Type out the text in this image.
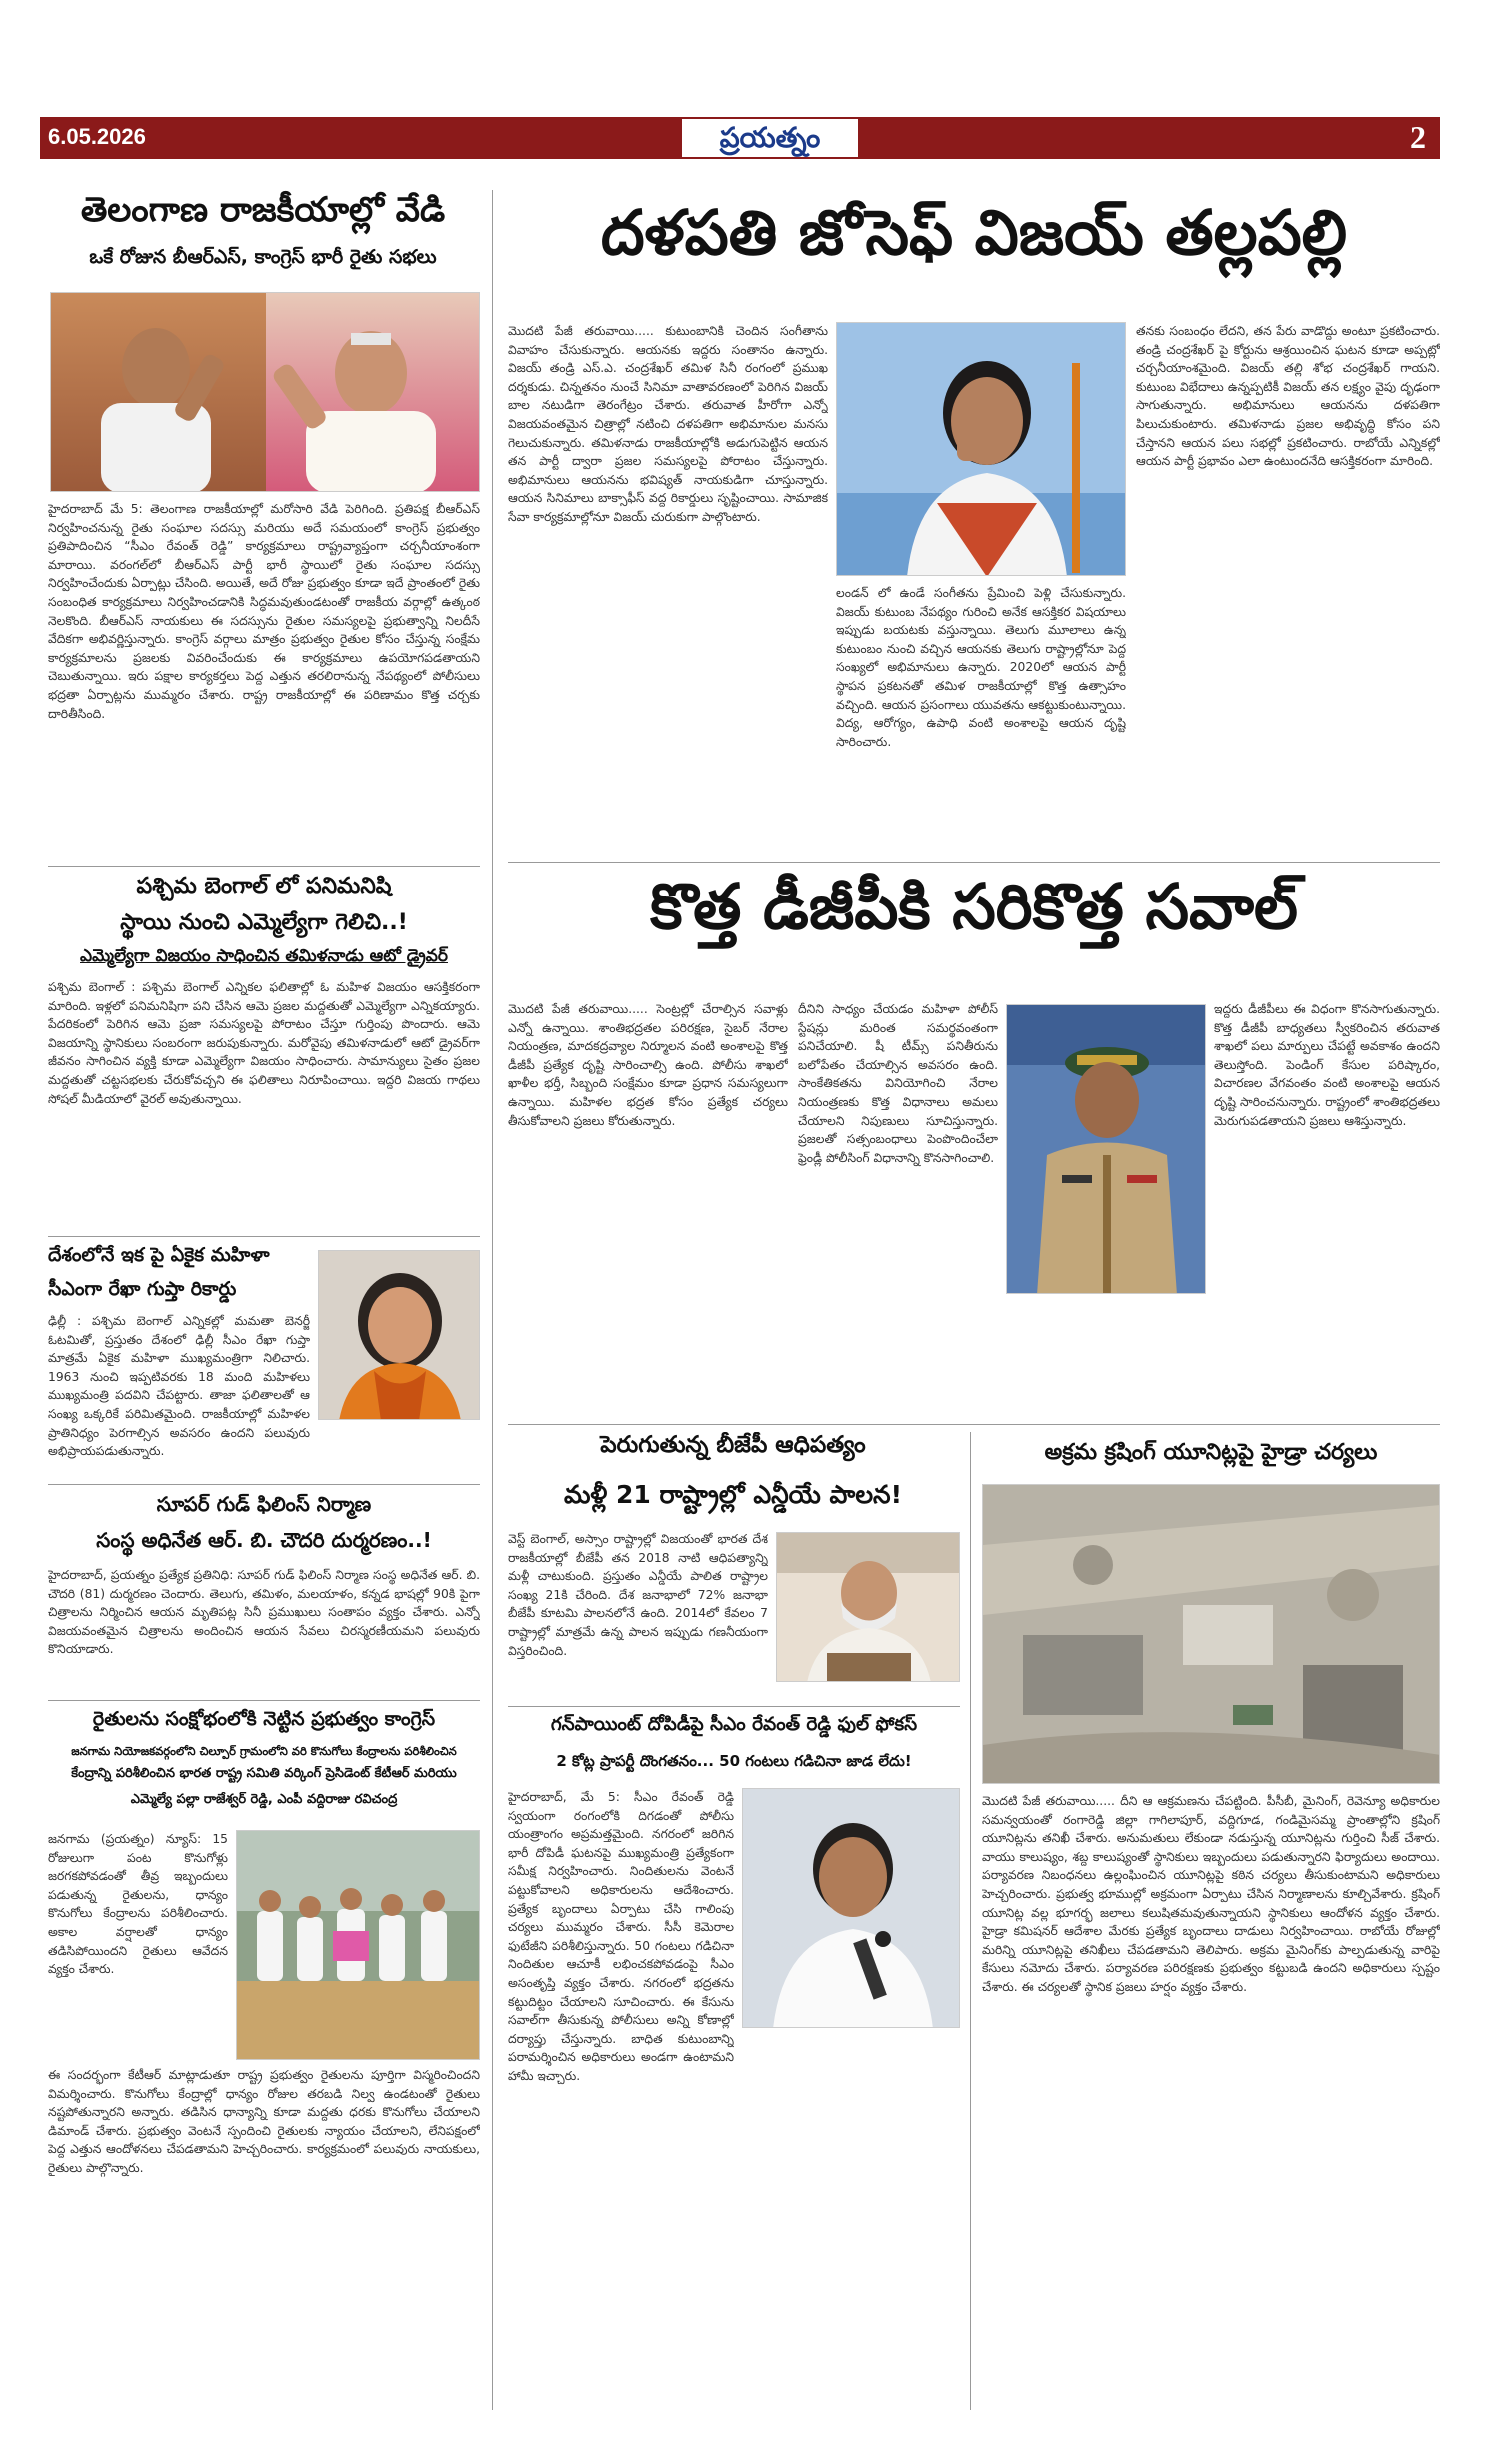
6.05.2026	ప్రయత్నం	2
తెలంగాణ రాజకీయాల్లో వేడి
ఒకే రోజున బీఆర్ఎస్, కాంగ్రెస్ భారీ రైతు సభలు
హైదరాబాద్ మే 5: తెలంగాణ రాజకీయాల్లో మరోసారి వేడి పెరిగింది. ప్రతిపక్ష బీఆర్ఎస్ నిర్వహించనున్న రైతు సంఘాల సదస్సు మరియు అదే సమయంలో కాంగ్రెస్ ప్రభుత్వం ప్రతిపాదించిన “సీఎం రేవంత్ రెడ్డి” కార్యక్రమాలు రాష్ట్రవ్యాప్తంగా చర్చనీయాంశంగా మారాయి. వరంగల్‌లో బీఆర్ఎస్ పార్టీ భారీ స్థాయిలో రైతు సంఘాల సదస్సు నిర్వహించేందుకు ఏర్పాట్లు చేసింది. అయితే, అదే రోజు ప్రభుత్వం కూడా ఇదే ప్రాంతంలో రైతు సంబంధిత కార్యక్రమాలు నిర్వహించడానికి సిద్ధమవుతుండటంతో రాజకీయ వర్గాల్లో ఉత్కంఠ నెలకొంది. బీఆర్ఎస్ నాయకులు ఈ సదస్సును రైతుల సమస్యలపై ప్రభుత్వాన్ని నిలదీసే వేదికగా అభివర్ణిస్తున్నారు. కాంగ్రెస్ వర్గాలు మాత్రం ప్రభుత్వం రైతుల కోసం చేస్తున్న సంక్షేమ కార్యక్రమాలను ప్రజలకు వివరించేందుకు ఈ కార్యక్రమాలు ఉపయోగపడతాయని చెబుతున్నాయి. ఇరు పక్షాల కార్యకర్తలు పెద్ద ఎత్తున తరలిరానున్న నేపథ్యంలో పోలీసులు భద్రతా ఏర్పాట్లను ముమ్మరం చేశారు. రాష్ట్ర రాజకీయాల్లో ఈ పరిణామం కొత్త చర్చకు దారితీసింది.
పశ్చిమ బెంగాల్ లో పనిమనిషి
స్థాయి నుంచి ఎమ్మెల్యేగా గెలిచి..!
ఎమ్మెల్యేగా విజయం సాధించిన తమిళనాడు ఆటో డ్రైవర్
పశ్చిమ బెంగాల్ : పశ్చిమ బెంగాల్ ఎన్నికల ఫలితాల్లో ఓ మహిళ విజయం ఆసక్తికరంగా మారింది. ఇళ్లలో పనిమనిషిగా పని చేసిన ఆమె ప్రజల మద్దతుతో ఎమ్మెల్యేగా ఎన్నికయ్యారు. పేదరికంలో పెరిగిన ఆమె ప్రజా సమస్యలపై పోరాటం చేస్తూ గుర్తింపు పొందారు. ఆమె విజయాన్ని స్థానికులు సంబరంగా జరుపుకున్నారు. మరోవైపు తమిళనాడులో ఆటో డ్రైవర్‌గా జీవనం సాగించిన వ్యక్తి కూడా ఎమ్మెల్యేగా విజయం సాధించారు. సామాన్యులు సైతం ప్రజల మద్దతుతో చట్టసభలకు చేరుకోవచ్చని ఈ ఫలితాలు నిరూపించాయి. ఇద్దరి విజయ గాథలు సోషల్ మీడియాలో వైరల్ అవుతున్నాయి.
దేశంలోనే ఇక పై ఏకైక మహిళా
సీఎంగా రేఖా గుప్తా రికార్డు
ఢిల్లీ : పశ్చిమ బెంగాల్ ఎన్నికల్లో మమతా బెనర్జీ ఓటమితో, ప్రస్తుతం దేశంలో ఢిల్లీ సీఎం రేఖా గుప్తా మాత్రమే ఏకైక మహిళా ముఖ్యమంత్రిగా నిలిచారు. 1963 నుంచి ఇప్పటివరకు 18 మంది మహిళలు ముఖ్యమంత్రి పదవిని చేపట్టారు. తాజా ఫలితాలతో ఆ సంఖ్య ఒక్కరికే పరిమితమైంది. రాజకీయాల్లో మహిళల ప్రాతినిధ్యం పెరగాల్సిన అవసరం ఉందని పలువురు అభిప్రాయపడుతున్నారు.
సూపర్ గుడ్ ఫిలింస్ నిర్మాణ
సంస్థ అధినేత ఆర్. బి. చౌదరి దుర్మరణం..!
హైదరాబాద్, ప్రయత్నం ప్రత్యేక ప్రతినిధి: సూపర్ గుడ్ ఫిలింస్ నిర్మాణ సంస్థ అధినేత ఆర్. బి. చౌదరి (81) దుర్మరణం చెందారు. తెలుగు, తమిళం, మలయాళం, కన్నడ భాషల్లో 90కి పైగా చిత్రాలను నిర్మించిన ఆయన మృతిపట్ల సినీ ప్రముఖులు సంతాపం వ్యక్తం చేశారు. ఎన్నో విజయవంతమైన చిత్రాలను అందించిన ఆయన సేవలు చిరస్మరణీయమని పలువురు కొనియాడారు.
రైతులను సంక్షోభంలోకి నెట్టిన ప్రభుత్వం కాంగ్రెస్
జనగామ నియోజకవర్గంలోని చిల్పూర్ గ్రామంలోని వరి కొనుగోలు కేంద్రాలను పరిశీలించిన
కేంద్రాన్ని పరిశీలించిన భారత రాష్ట్ర సమితి వర్కింగ్ ప్రెసిడెంట్ కేటీఆర్ మరియు
ఎమ్మెల్యే పల్లా రాజేశ్వర్ రెడ్డి, ఎంపీ వద్దిరాజు రవిచంద్ర
జనగామ (ప్రయత్నం) న్యూస్: 15 రోజులుగా పంట కొనుగోళ్లు జరగకపోవడంతో తీవ్ర ఇబ్బందులు పడుతున్న రైతులను, ధాన్యం కొనుగోలు కేంద్రాలను పరిశీలించారు. అకాల వర్షాలతో ధాన్యం తడిసిపోయిందని రైతులు ఆవేదన వ్యక్తం చేశారు.
ఈ సందర్భంగా కేటీఆర్ మాట్లాడుతూ రాష్ట్ర ప్రభుత్వం రైతులను పూర్తిగా విస్మరించిందని విమర్శించారు. కొనుగోలు కేంద్రాల్లో ధాన్యం రోజుల తరబడి నిల్వ ఉండటంతో రైతులు నష్టపోతున్నారని అన్నారు. తడిసిన ధాన్యాన్ని కూడా మద్దతు ధరకు కొనుగోలు చేయాలని డిమాండ్ చేశారు. ప్రభుత్వం వెంటనే స్పందించి రైతులకు న్యాయం చేయాలని, లేనిపక్షంలో పెద్ద ఎత్తున ఆందోళనలు చేపడతామని హెచ్చరించారు. కార్యక్రమంలో పలువురు నాయకులు, రైతులు పాల్గొన్నారు.
దళపతి జోసెఫ్ విజయ్ తల్లపల్లి
మొదటి పేజీ తరువాయి..... కుటుంబానికి చెందిన సంగీతాను వివాహం చేసుకున్నారు. ఆయనకు ఇద్దరు సంతానం ఉన్నారు. విజయ్ తండ్రి ఎస్.ఎ. చంద్రశేఖర్ తమిళ సినీ రంగంలో ప్రముఖ దర్శకుడు. చిన్నతనం నుంచే సినిమా వాతావరణంలో పెరిగిన విజయ్ బాల నటుడిగా తెరంగేట్రం చేశారు. తరువాత హీరోగా ఎన్నో విజయవంతమైన చిత్రాల్లో నటించి దళపతిగా అభిమానుల మనసు గెలుచుకున్నారు. తమిళనాడు రాజకీయాల్లోకి అడుగుపెట్టిన ఆయన తన పార్టీ ద్వారా ప్రజల సమస్యలపై పోరాటం చేస్తున్నారు. అభిమానులు ఆయనను భవిష్యత్ నాయకుడిగా చూస్తున్నారు. ఆయన సినిమాలు బాక్సాఫీస్ వద్ద రికార్డులు సృష్టించాయి. సామాజిక సేవా కార్యక్రమాల్లోనూ విజయ్ చురుకుగా పాల్గొంటారు.
లండన్ లో ఉండే సంగీతను ప్రేమించి పెళ్లి చేసుకున్నారు. విజయ్ కుటుంబ నేపథ్యం గురించి అనేక ఆసక్తికర విషయాలు ఇప్పుడు బయటకు వస్తున్నాయి. తెలుగు మూలాలు ఉన్న కుటుంబం నుంచి వచ్చిన ఆయనకు తెలుగు రాష్ట్రాల్లోనూ పెద్ద సంఖ్యలో అభిమానులు ఉన్నారు. 2020లో ఆయన పార్టీ స్థాపన ప్రకటనతో తమిళ రాజకీయాల్లో కొత్త ఉత్సాహం వచ్చింది. ఆయన ప్రసంగాలు యువతను ఆకట్టుకుంటున్నాయి. విద్య, ఆరోగ్యం, ఉపాధి వంటి అంశాలపై ఆయన దృష్టి సారించారు.
తనకు సంబంధం లేదని, తన పేరు వాడొద్దు అంటూ ప్రకటించారు. తండ్రి చంద్రశేఖర్ పై కోర్టును ఆశ్రయించిన ఘటన కూడా అప్పట్లో చర్చనీయాంశమైంది. విజయ్ తల్లి శోభ చంద్రశేఖర్ గాయని. కుటుంబ విభేదాలు ఉన్నప్పటికీ విజయ్ తన లక్ష్యం వైపు దృఢంగా సాగుతున్నారు. అభిమానులు ఆయనను దళపతిగా పిలుచుకుంటారు. తమిళనాడు ప్రజల అభివృద్ధి కోసం పని చేస్తానని ఆయన పలు సభల్లో ప్రకటించారు. రాబోయే ఎన్నికల్లో ఆయన పార్టీ ప్రభావం ఎలా ఉంటుందనేది ఆసక్తికరంగా మారింది.
కొత్త డీజీపీకి సరికొత్త సవాల్
మొదటి పేజీ తరువాయి..... సెంట్రల్లో చేరాల్సిన సవాళ్లు ఎన్నో ఉన్నాయి. శాంతిభద్రతల పరిరక్షణ, సైబర్ నేరాల నియంత్రణ, మాదకద్రవ్యాల నిర్మూలన వంటి అంశాలపై కొత్త డీజీపీ ప్రత్యేక దృష్టి సారించాల్సి ఉంది. పోలీసు శాఖలో ఖాళీల భర్తీ, సిబ్బంది సంక్షేమం కూడా ప్రధాన సమస్యలుగా ఉన్నాయి. మహిళల భద్రత కోసం ప్రత్యేక చర్యలు తీసుకోవాలని ప్రజలు కోరుతున్నారు.
దీనిని సాధ్యం చేయడం మహిళా పోలీస్ స్టేషన్లు మరింత సమర్థవంతంగా పనిచేయాలి. షీ టీమ్స్ పనితీరును బలోపేతం చేయాల్సిన అవసరం ఉంది. సాంకేతికతను వినియోగించి నేరాల నియంత్రణకు కొత్త విధానాలు అమలు చేయాలని నిపుణులు సూచిస్తున్నారు. ప్రజలతో సత్సంబంధాలు పెంపొందించేలా ఫ్రెండ్లీ పోలీసింగ్ విధానాన్ని కొనసాగించాలి.
ఇద్దరు డీజీపీలు ఈ విధంగా కొనసాగుతున్నారు. కొత్త డీజీపీ బాధ్యతలు స్వీకరించిన తరువాత శాఖలో పలు మార్పులు చేపట్టే అవకాశం ఉందని తెలుస్తోంది. పెండింగ్ కేసుల పరిష్కారం, విచారణల వేగవంతం వంటి అంశాలపై ఆయన దృష్టి సారించనున్నారు. రాష్ట్రంలో శాంతిభద్రతలు మెరుగుపడతాయని ప్రజలు ఆశిస్తున్నారు.
పెరుగుతున్న బీజేపీ ఆధిపత్యం
మళ్లీ 21 రాష్ట్రాల్లో ఎన్డీయే పాలన!
వెస్ట్ బెంగాల్, అస్సాం రాష్ట్రాల్లో విజయంతో భారత దేశ రాజకీయాల్లో బీజేపీ తన 2018 నాటి ఆధిపత్యాన్ని మళ్లీ చాటుకుంది. ప్రస్తుతం ఎన్డీయే పాలిత రాష్ట్రాల సంఖ్య 21కి చేరింది. దేశ జనాభాలో 72% జనాభా బీజేపీ కూటమి పాలనలోనే ఉంది. 2014లో కేవలం 7 రాష్ట్రాల్లో మాత్రమే ఉన్న పాలన ఇప్పుడు గణనీయంగా విస్తరించింది.
గన్‌పాయింట్ దోపిడీపై సీఎం రేవంత్ రెడ్డి ఫుల్ ఫోకస్
2 కోట్ల ప్రాపర్టీ దొంగతనం... 50 గంటలు గడిచినా జాడ లేదు!
హైదరాబాద్, మే 5: సీఎం రేవంత్ రెడ్డి స్వయంగా రంగంలోకి దిగడంతో పోలీసు యంత్రాంగం అప్రమత్తమైంది. నగరంలో జరిగిన భారీ దోపిడీ ఘటనపై ముఖ్యమంత్రి ప్రత్యేకంగా సమీక్ష నిర్వహించారు. నిందితులను వెంటనే పట్టుకోవాలని అధికారులను ఆదేశించారు. ప్రత్యేక బృందాలు ఏర్పాటు చేసి గాలింపు చర్యలు ముమ్మరం చేశారు. సీసీ కెమెరాల ఫుటేజీని పరిశీలిస్తున్నారు. 50 గంటలు గడిచినా నిందితుల ఆచూకీ లభించకపోవడంపై సీఎం అసంతృప్తి వ్యక్తం చేశారు. నగరంలో భద్రతను కట్టుదిట్టం చేయాలని సూచించారు. ఈ కేసును సవాల్‌గా తీసుకున్న పోలీసులు అన్ని కోణాల్లో దర్యాప్తు చేస్తున్నారు. బాధిత కుటుంబాన్ని పరామర్శించిన అధికారులు అండగా ఉంటామని హామీ ఇచ్చారు.
అక్రమ క్రషింగ్ యూనిట్లపై హైడ్రా చర్యలు
మొదటి పేజీ తరువాయి..... దీని ఆ ఆక్రమణను చేపట్టింది. పీసీబీ, మైనింగ్, రెవెన్యూ అధికారుల సమన్వయంతో రంగారెడ్డి జిల్లా గాగిలాపూర్, వద్దిగూడ, గండిమైసమ్మ ప్రాంతాల్లోని క్రషింగ్ యూనిట్లను తనిఖీ చేశారు. అనుమతులు లేకుండా నడుస్తున్న యూనిట్లను గుర్తించి సీజ్ చేశారు. వాయు కాలుష్యం, శబ్ద కాలుష్యంతో స్థానికులు ఇబ్బందులు పడుతున్నారని ఫిర్యాదులు అందాయి. పర్యావరణ నిబంధనలు ఉల్లంఘించిన యూనిట్లపై కఠిన చర్యలు తీసుకుంటామని అధికారులు హెచ్చరించారు. ప్రభుత్వ భూముల్లో అక్రమంగా ఏర్పాటు చేసిన నిర్మాణాలను కూల్చివేశారు. క్రషింగ్ యూనిట్ల వల్ల భూగర్భ జలాలు కలుషితమవుతున్నాయని స్థానికులు ఆందోళన వ్యక్తం చేశారు. హైడ్రా కమిషనర్ ఆదేశాల మేరకు ప్రత్యేక బృందాలు దాడులు నిర్వహించాయి. రాబోయే రోజుల్లో మరిన్ని యూనిట్లపై తనిఖీలు చేపడతామని తెలిపారు. అక్రమ మైనింగ్‌కు పాల్పడుతున్న వారిపై కేసులు నమోదు చేశారు. పర్యావరణ పరిరక్షణకు ప్రభుత్వం కట్టుబడి ఉందని అధికారులు స్పష్టం చేశారు. ఈ చర్యలతో స్థానిక ప్రజలు హర్షం వ్యక్తం చేశారు.
